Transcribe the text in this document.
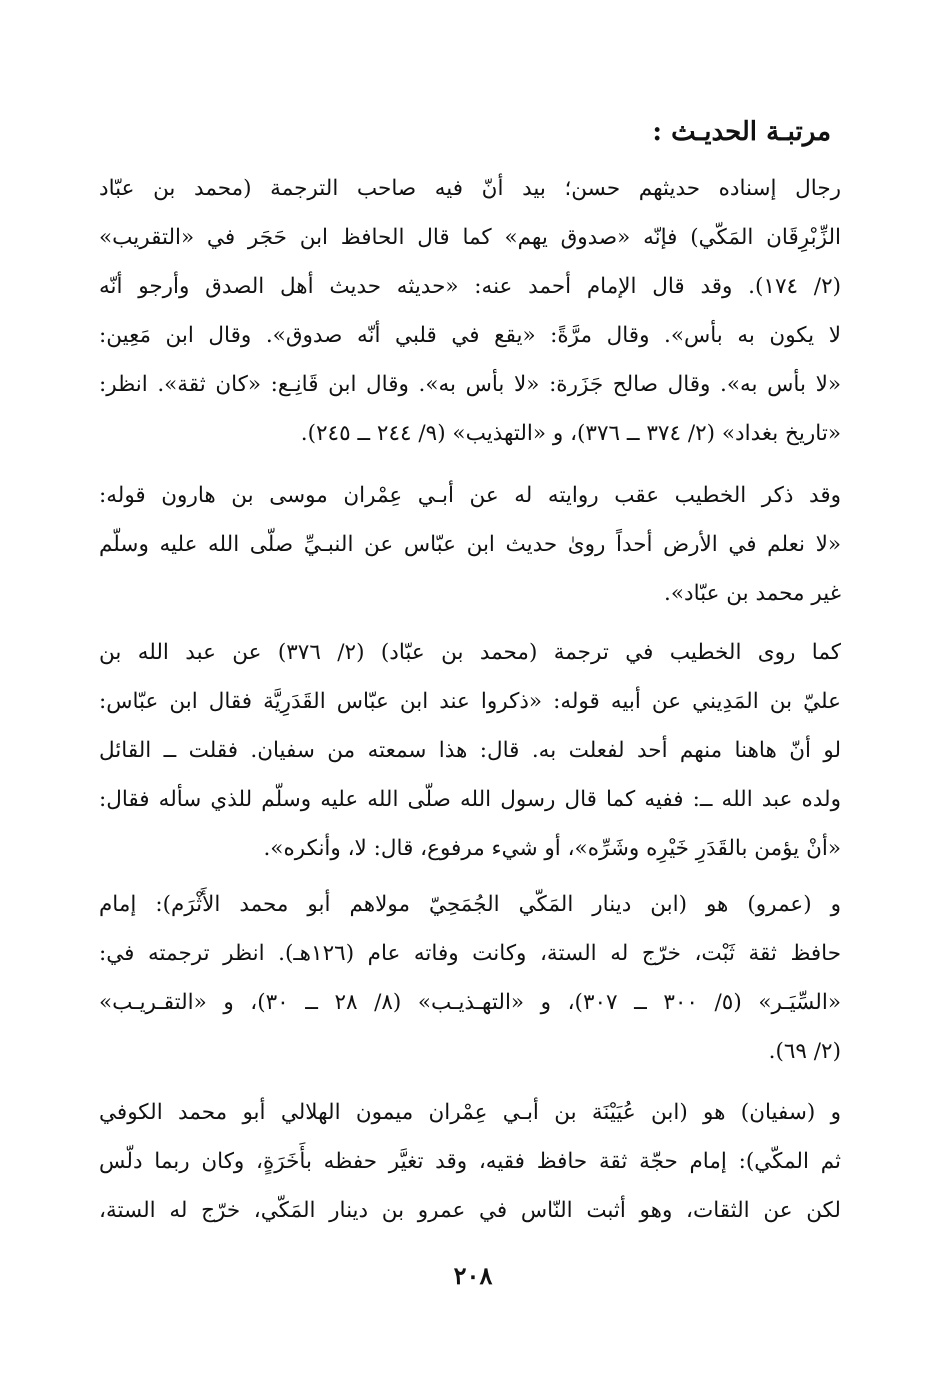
مرتبـة الحديـث :
رجال إسناده حديثهم حسن؛ بيد أنّ فيه صاحب الترجمة (محمد بن عبّاد
الزِّبْرِقَان المَكّي) فإنّه «صدوق يهم» كما قال الحافظ ابن حَجَر في «التقريب»
(٢/ ١٧٤). وقد قال الإمام أحمد عنه: «حديثه حديث أهل الصدق وأرجو أنّه
لا يكون به بأس». وقال مرَّةً: «يقع في قلبي أنّه صدوق». وقال ابن مَعِين:
«لا بأس به». وقال صالح جَزَرة: «لا بأس به». وقال ابن قَانِـع: «كان ثقة». انظر:
«تاريخ بغداد» (٢/ ٣٧٤ ــ ٣٧٦)، و «التهذيب» (٩/ ٢٤٤ ــ ٢٤٥).
وقد ذكر الخطيب عقب روايته له عن أبـي عِمْران موسى بن هارون قوله:
«لا نعلم في الأرض أحداً روىٰ حديث ابن عبّاس عن النبـيِّ صلّى الله عليه وسلّم
غير محمد بن عبّاد».
كما روى الخطيب في ترجمة (محمد بن عبّاد) (٢/ ٣٧٦) عن عبد الله بن
عليّ بن المَدِيني عن أبيه قوله: «ذكروا عند ابن عبّاس القَدَرِيَّة فقال ابن عبّاس:
لو أنّ هاهنا منهم أحد لفعلت به. قال: هذا سمعته من سفيان. فقلت ــ القائل
ولده عبد الله ــ: ففيه كما قال رسول الله صلّى الله عليه وسلّم للذي سأله فقال:
«أنْ يؤمن بالقَدَرِ خَيْرِه وشَرِّه»، أو شيء مرفوع، قال: لا، وأنكره».
و (عمرو) هو (ابن دينار المَكّي الجُمَحِيّ مولاهم أبو محمد الأَثْرَم): إمام
حافظ ثقة ثَبْت، خرّج له الستة، وكانت وفاته عام (١٢٦هـ). انظر ترجمته في:
«السِّيَـر» (٥/ ٣٠٠ ــ ٣٠٧)، و «التهـذيـب» (٨/ ٢٨ ــ ٣٠)، و «التقـريـب»
(٢/ ٦٩).
و (سفيان) هو (ابن عُيَيْنَة بن أبـي عِمْران ميمون الهلالي أبو محمد الكوفي
ثم المكّي): إمام حجّة ثقة حافظ فقيه، وقد تغيَّر حفظه بأَخَرَةٍ، وكان ربما دلّس
لكن عن الثقات، وهو أثبت النّاس في عمرو بن دينار المَكّي، خرّج له الستة،
٢٠٨
